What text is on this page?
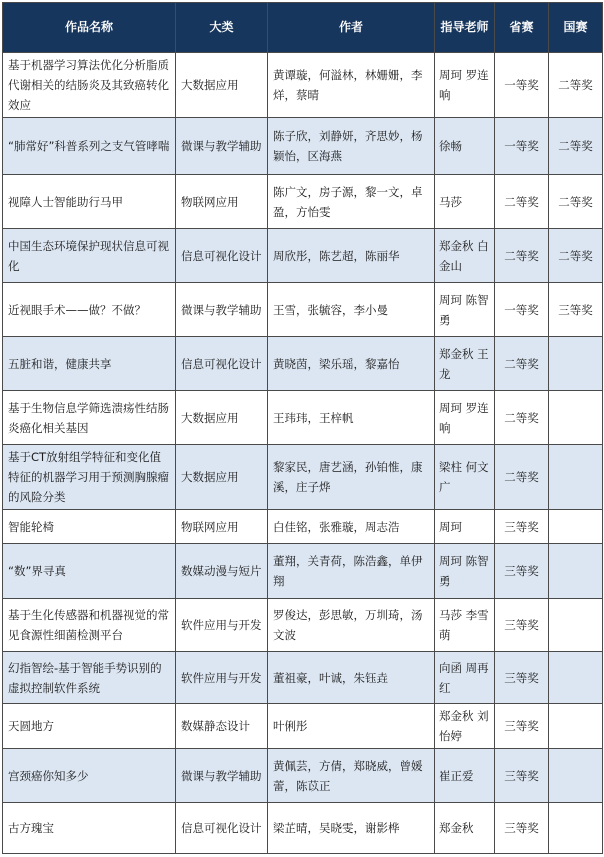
作品名称	大类	作者	指导老师	省赛	国赛
基于机器学习算法优化分析脂质代谢相关的结肠炎及其致癌转化效应	大数据应用	黄谭璇，何溢林，林姗姗，李烊，蔡晴	周珂 罗连响	一等奖	二等奖
“肺常好”科普系列之支气管哮喘	微课与教学辅助	陈子欣，刘静妍，齐思妙，杨颖怡，区海燕	徐畅	一等奖	二等奖
视障人士智能助行马甲	物联网应用	陈广文，房子源，黎一文，卓盈，方怡雯	马莎	二等奖	二等奖
中国生态环境保护现状信息可视化	信息可视化设计	周欣彤，陈艺超，陈丽华	郑金秋 白金山	二等奖	二等奖
近视眼手术——做？不做？	微课与教学辅助	王雪，张毓容，李小曼	周珂 陈智勇	一等奖	三等奖
五脏和谐，健康共享	信息可视化设计	黄晓茵，梁乐瑶，黎嘉怡	郑金秋 王龙	二等奖	
基于生物信息学筛选溃疡性结肠炎癌化相关基因	大数据应用	王玮玮，王梓帆	周珂 罗连响	二等奖	
基于CT放射组学特征和变化值特征的机器学习用于预测胸腺瘤的风险分类	大数据应用	黎家民，唐艺涵，孙铂惟，康溪，庄子烨	梁柱 何文广	二等奖	
智能轮椅	物联网应用	白佳铭，张雅璇，周志浩	周珂	三等奖	
“数”界寻真	数媒动漫与短片	董翔，关青荷，陈浩鑫，单伊翔	周珂 陈智勇	三等奖	
基于生化传感器和机器视觉的常见食源性细菌检测平台	软件应用与开发	罗俊达，彭思敏，万圳琦，汤文波	马莎 李雪萌	三等奖	
幻指智绘-基于智能手势识别的虚拟控制软件系统	软件应用与开发	董祖豪，叶诚，朱钰垚	向函 周再红	三等奖	
天圆地方	数媒静态设计	叶俐彤	郑金秋 刘怡婷	三等奖	
宫颈癌你知多少	微课与教学辅助	黄佩芸，方倩，郑晓威，曾媛蕾，陈苡正	崔正爱	三等奖	
古方瑰宝	信息可视化设计	梁芷晴，吴晓雯，谢影桦	郑金秋	三等奖	
